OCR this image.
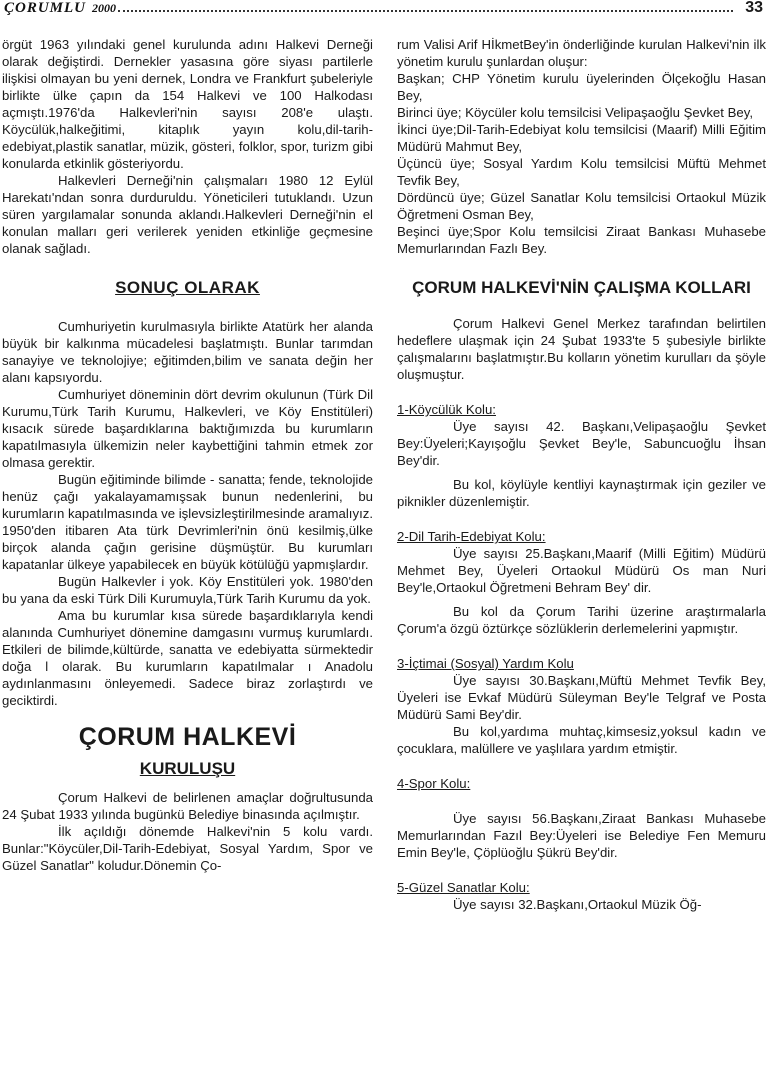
ÇORUMLU 2000	33

örgüt 1963 yılındaki genel kurulunda adını Halkevi Derneği olarak değiştirdi. Dernekler yasasına göre siyası partilerle ilişkisi olmayan bu yeni dernek, Londra ve Frankfurt şubeleriyle birlikte ülke çapın da 154 Halkevi ve 100 Halkodası açmıştı.1976'da Halkevleri'nin sayısı 208'e ulaştı. Köycülük,halkeğitimi, kitaplık yayın kolu,dil-tarih-edebiyat,plastik sanatlar, müzik, gösteri, folklor, spor, turizm gibi konularda etkinlik gösteriyordu.

Halkevleri Derneği'nin çalışmaları 1980 12 Eylül Harekatı'ndan sonra durduruldu. Yöneticileri tutuklandı. Uzun süren yargılamalar sonunda aklandı.Halkevleri Derneği'nin el konulan malları geri verilerek yeniden etkinliğe geçmesine olanak sağladı.

SONUÇ OLARAK

Cumhuriyetin kurulmasıyla birlikte Atatürk her alanda büyük bir kalkınma mücadelesi başlatmıştı. Bunlar tarımdan sanayiye ve teknolojiye; eğitimden,bilim ve sanata değin her alanı kapsıyordu.

Cumhuriyet döneminin dört devrim okulunun (Türk Dil Kurumu,Türk Tarih Kurumu, Halkevleri, ve Köy Enstitüleri) kısacık sürede başardıklarına baktığımızda bu kurumların kapatılmasıyla ülkemizin neler kaybettiğini tahmin etmek zor olmasa gerektir.

Bugün eğitiminde bilimde - sanatta; fende, teknolojide henüz çağı yakalayamamışsak bunun nedenlerini, bu kurumların kapatılmasında ve işlevsizleştirilmesinde aramalıyız. 1950'den itibaren Ata türk Devrimleri'nin önü kesilmiş,ülke birçok alanda çağın gerisine düşmüştür. Bu kurumları kapatanlar ülkeye yapabilecek en büyük kötülüğü yapmışlardır.

Bugün Halkevler i yok. Köy Enstitüleri yok. 1980'den bu yana da eski Türk Dili Kurumuyla,Türk Tarih Kurumu da yok.

Ama bu kurumlar kısa sürede başardıklarıyla kendi alanında Cumhuriyet dönemine damgasını vurmuş kurumlardı. Etkileri de bilimde,kültürde, sanatta ve edebiyatta sürmektedir doğa l olarak. Bu kurumların kapatılmalar ı Anadolu aydınlanmasını önleyemedi. Sadece biraz zorlaştırdı ve geciktirdi.

ÇORUM HALKEVİ
KURULUŞU

Çorum Halkevi de belirlenen amaçlar doğrultusunda 24 Şubat 1933 yılında bugünkü Belediye binasında açılmıştır.

İlk açıldığı dönemde Halkevi'nin 5 kolu vardı. Bunlar:"Köycüler,Dil-Tarih-Edebiyat, Sosyal Yardım, Spor ve Güzel Sanatlar" koludur.Dönemin Ço-

rum Valisi Arif HİkmetBey'in önderliğinde kurulan Halkevi'nin ilk yönetim kurulu şunlardan oluşur:

Başkan; CHP Yönetim kurulu üyelerinden Ölçekoğlu Hasan Bey,

Birinci üye; Köycüler kolu temsilcisi Velipaşaoğlu Şevket Bey,

İkinci üye;Dil-Tarih-Edebiyat kolu temsilcisi (Maarif) Milli Eğitim Müdürü Mahmut Bey,

Üçüncü üye; Sosyal Yardım Kolu temsilcisi Müftü Mehmet Tevfik Bey,

Dördüncü üye; Güzel Sanatlar Kolu temsilcisi Ortaokul Müzik Öğretmeni Osman Bey,

Beşinci üye;Spor Kolu temsilcisi Ziraat Bankası Muhasebe Memurlarından Fazlı Bey.

ÇORUM HALKEVİ'NİN ÇALIŞMA KOLLARI

Çorum Halkevi Genel Merkez tarafından belirtilen hedeflere ulaşmak için 24 Şubat 1933'te 5 şubesiyle birlikte çalışmalarını başlatmıştır.Bu kolların yönetim kurulları da şöyle oluşmuştur.

1-Köycülük Kolu:

Üye sayısı 42. Başkanı,Velipaşaoğlu Şevket Bey:Üyeleri;Kayışoğlu Şevket Bey'le, Sabuncuoğlu İhsan Bey'dir.

Bu kol, köylüyle kentliyi kaynaştırmak için geziler ve piknikler düzenlemiştir.

2-Dil Tarih-Edebiyat Kolu:

Üye sayısı 25.Başkanı,Maarif (Milli Eğitim) Müdürü Mehmet Bey, Üyeleri Ortaokul Müdürü Os man Nuri Bey'le,Ortaokul Öğretmeni Behram Bey' dir.

Bu kol da Çorum Tarihi üzerine araştırmalarla Çorum'a özgü öztürkçe sözlüklerin derlemelerini yapmıştır.

3-İçtimai (Sosyal) Yardım Kolu

Üye sayısı 30.Başkanı,Müftü Mehmet Tevfik Bey, Üyeleri ise Evkaf Müdürü Süleyman Bey'le Telgraf ve Posta Müdürü Sami Bey'dir.

Bu kol,yardıma muhtaç,kimsesiz,yoksul kadın ve çocuklara, malüllere ve yaşlılara yardım etmiştir.

4-Spor Kolu:

Üye sayısı 56.Başkanı,Ziraat Bankası Muhasebe Memurlarından Fazıl Bey:Üyeleri ise Belediye Fen Memuru Emin Bey'le, Çöplüoğlu Şükrü Bey'dir.

5-Güzel Sanatlar Kolu:

Üye sayısı 32.Başkanı,Ortaokul Müzik Öğ-
